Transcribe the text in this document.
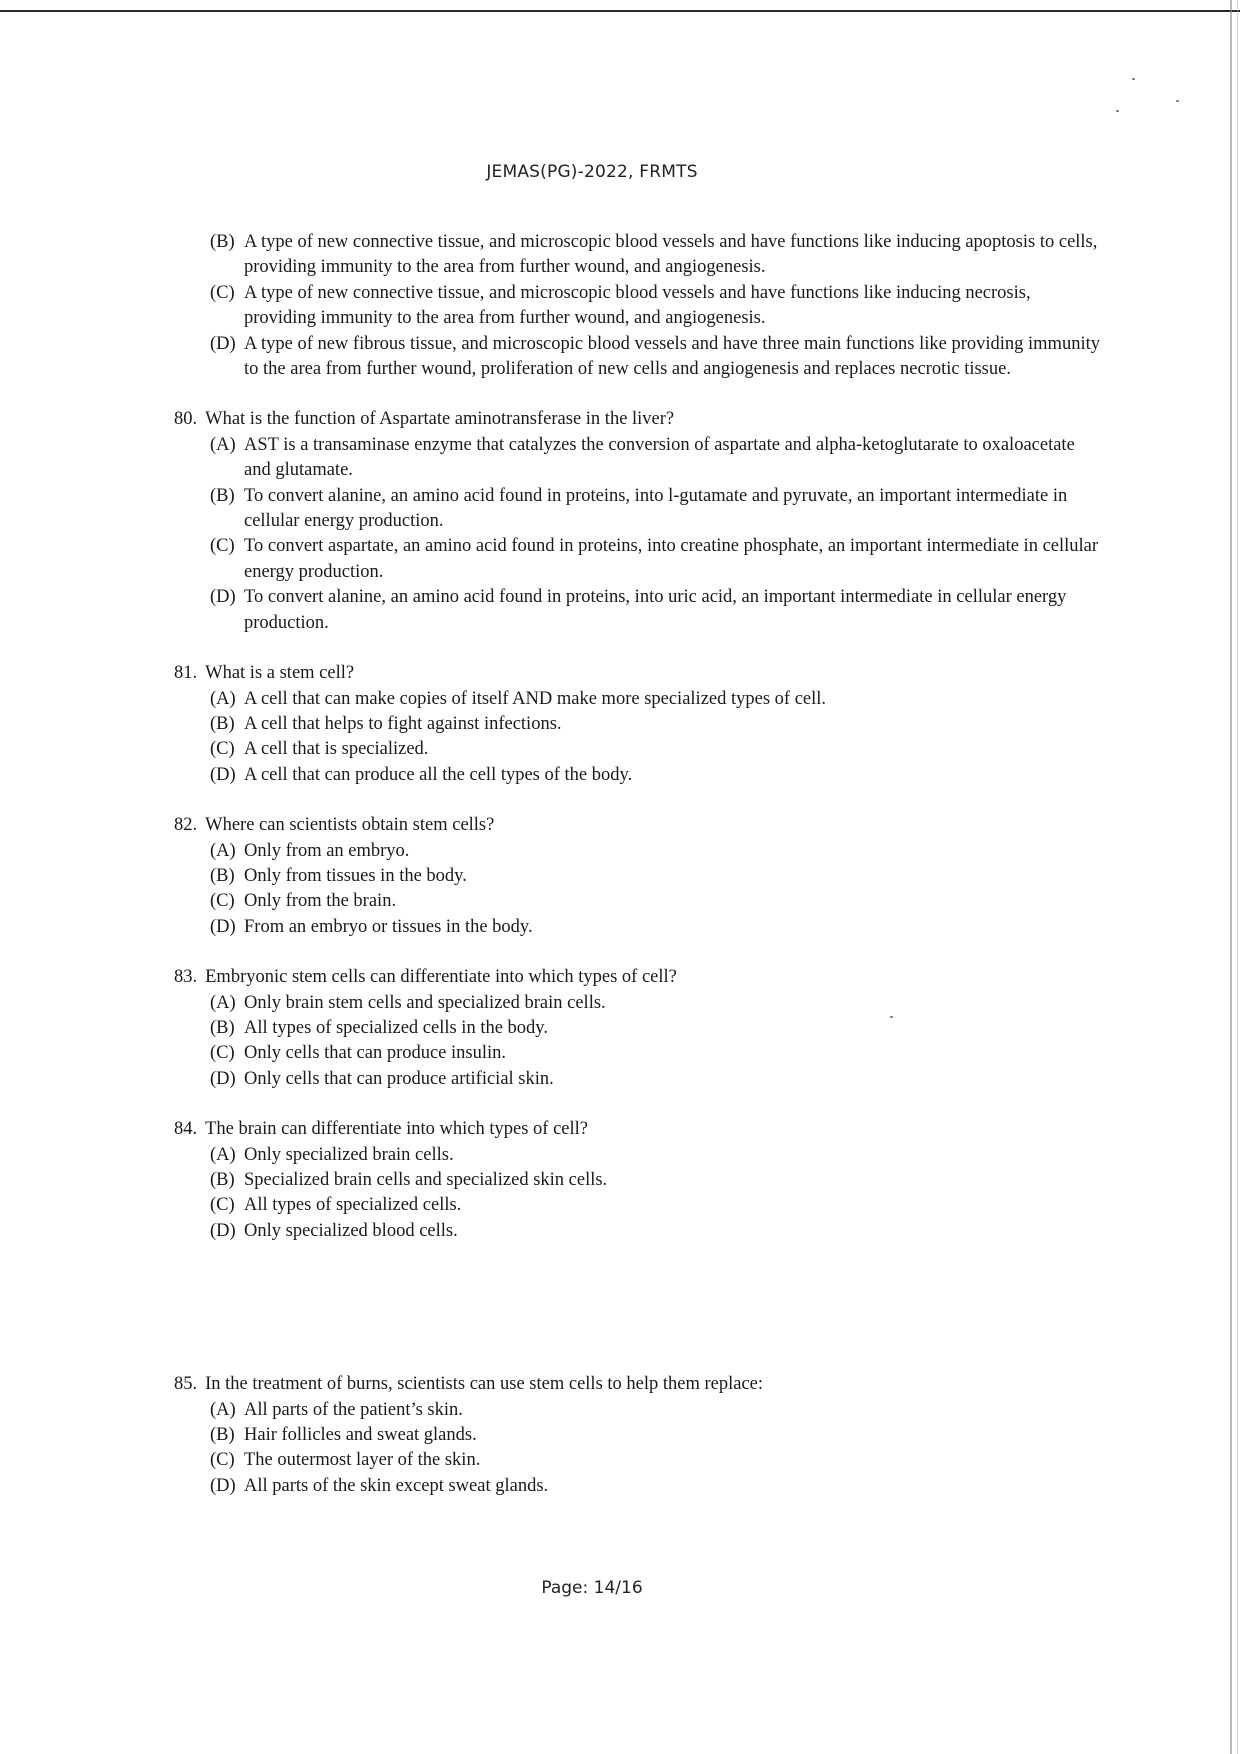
JEMAS(PG)-2022, FRMTS
(B) A type of new connective tissue, and microscopic blood vessels and have functions like inducing apoptosis to cells, providing immunity to the area from further wound, and angiogenesis.
(C) A type of new connective tissue, and microscopic blood vessels and have functions like inducing necrosis, providing immunity to the area from further wound, and angiogenesis.
(D) A type of new fibrous tissue, and microscopic blood vessels and have three main functions like providing immunity to the area from further wound, proliferation of new cells and angiogenesis and replaces necrotic tissue.
80. What is the function of Aspartate aminotransferase in the liver?
(A) AST is a transaminase enzyme that catalyzes the conversion of aspartate and alpha-ketoglutarate to oxaloacetate and glutamate.
(B) To convert alanine, an amino acid found in proteins, into l-gutamate and pyruvate, an important intermediate in cellular energy production.
(C) To convert aspartate, an amino acid found in proteins, into creatine phosphate, an important intermediate in cellular energy production.
(D) To convert alanine, an amino acid found in proteins, into uric acid, an important intermediate in cellular energy production.
81. What is a stem cell?
(A) A cell that can make copies of itself AND make more specialized types of cell.
(B) A cell that helps to fight against infections.
(C) A cell that is specialized.
(D) A cell that can produce all the cell types of the body.
82. Where can scientists obtain stem cells?
(A) Only from an embryo.
(B) Only from tissues in the body.
(C) Only from the brain.
(D) From an embryo or tissues in the body.
83. Embryonic stem cells can differentiate into which types of cell?
(A) Only brain stem cells and specialized brain cells.
(B) All types of specialized cells in the body.
(C) Only cells that can produce insulin.
(D) Only cells that can produce artificial skin.
84. The brain can differentiate into which types of cell?
(A) Only specialized brain cells.
(B) Specialized brain cells and specialized skin cells.
(C) All types of specialized cells.
(D) Only specialized blood cells.
85. In the treatment of burns, scientists can use stem cells to help them replace:
(A) All parts of the patient’s skin.
(B) Hair follicles and sweat glands.
(C) The outermost layer of the skin.
(D) All parts of the skin except sweat glands.
Page: 14/16
